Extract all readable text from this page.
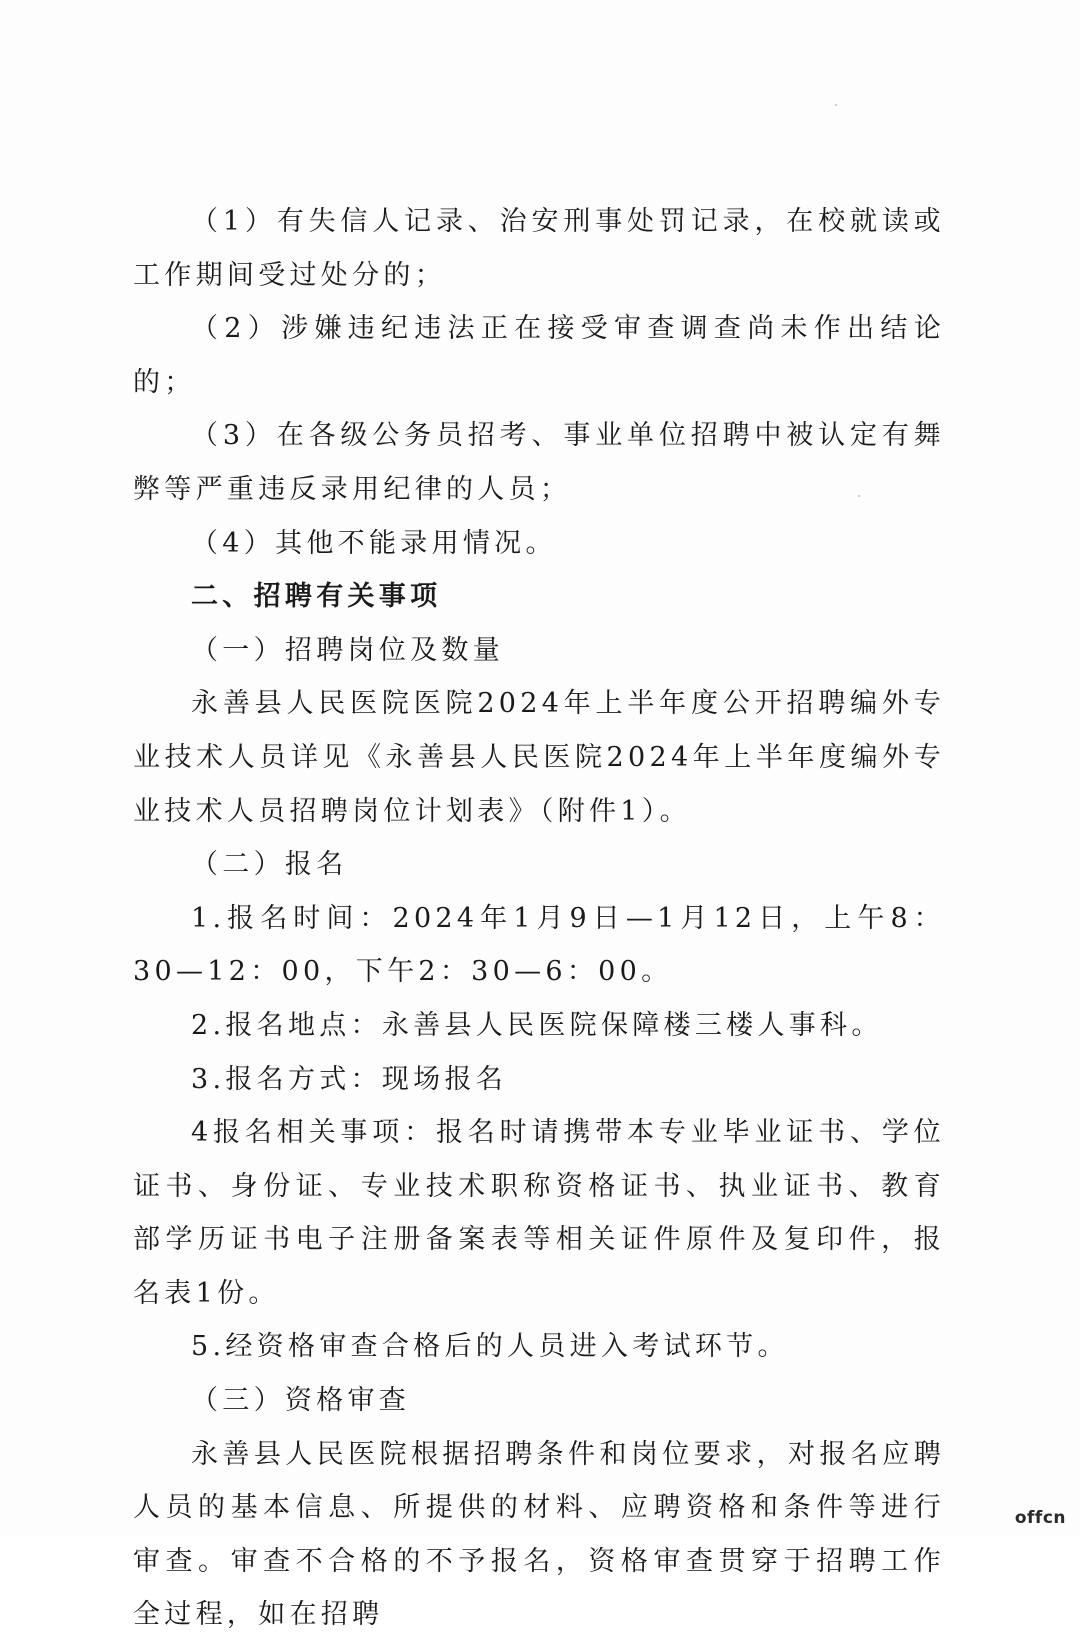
（1）有失信人记录、治安刑事处罚记录，在校就读或工作期间受过处分的；

（2）涉嫌违纪违法正在接受审查调查尚未作出结论的；

（3）在各级公务员招考、事业单位招聘中被认定有舞弊等严重违反录用纪律的人员；

（4）其他不能录用情况。

二、招聘有关事项

（一）招聘岗位及数量

永善县人民医院医院2024年上半年度公开招聘编外专业技术人员详见《永善县人民医院2024年上半年度编外专业技术人员招聘岗位计划表》（附件1）。

（二）报名

1.报名时间：2024年1月9日—1月12日，上午8：30—12：00，下午2：30—6：00。

2.报名地点：永善县人民医院保障楼三楼人事科。

3.报名方式：现场报名

4报名相关事项：报名时请携带本专业毕业证书、学位证书、身份证、专业技术职称资格证书、执业证书、教育部学历证书电子注册备案表等相关证件原件及复印件，报名表1份。

5.经资格审查合格后的人员进入考试环节。

（三）资格审查

永善县人民医院根据招聘条件和岗位要求，对报名应聘人员的基本信息、所提供的材料、应聘资格和条件等进行审查。审查不合格的不予报名，资格审查贯穿于招聘工作全过程，如在招聘

offcn
